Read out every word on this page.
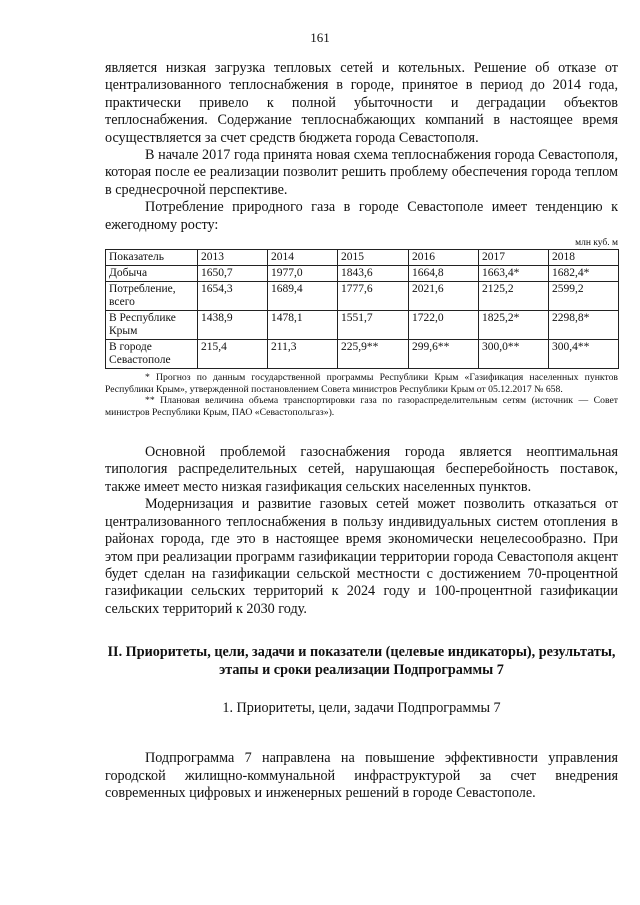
161

является низкая загрузка тепловых сетей и котельных. Решение об отказе от централизованного теплоснабжения в городе, принятое в период до 2014 года, практически привело к полной убыточности и деградации объектов теплоснабжения. Содержание теплоснабжающих компаний в настоящее время осуществляется за счет средств бюджета города Севастополя.

В начале 2017 года принята новая схема теплоснабжения города Севастополя, которая после ее реализации позволит решить проблему обеспечения города теплом в среднесрочной перспективе.

Потребление природного газа в городе Севастополе имеет тенденцию к ежегодному росту:

млн куб. м
Показатель	2013	2014	2015	2016	2017	2018
Добыча	1650,7	1977,0	1843,6	1664,8	1663,4*	1682,4*
Потребление, всего	1654,3	1689,4	1777,6	2021,6	2125,2	2599,2
В Республике Крым	1438,9	1478,1	1551,7	1722,0	1825,2*	2298,8*
В городе Севастополе	215,4	211,3	225,9**	299,6**	300,0**	300,4**

* Прогноз по данным государственной программы Республики Крым «Газификация населенных пунктов Республики Крым», утвержденной постановлением Совета министров Республики Крым от 05.12.2017 № 658.

** Плановая величина объема транспортировки газа по газораспределительным сетям (источник — Совет министров Республики Крым, ПАО «Севастопольгаз»).

Основной проблемой газоснабжения города является неоптимальная типология распределительных сетей, нарушающая бесперебойность поставок, также имеет место низкая газификация сельских населенных пунктов.

Модернизация и развитие газовых сетей может позволить отказаться от централизованного теплоснабжения в пользу индивидуальных систем отопления в районах города, где это в настоящее время экономически нецелесообразно. При этом при реализации программ газификации территории города Севастополя акцент будет сделан на газификации сельской местности с достижением 70-процентной газификации сельских территорий к 2024 году и 100-процентной газификации сельских территорий к 2030 году.

II. Приоритеты, цели, задачи и показатели (целевые индикаторы), результаты, этапы и сроки реализации Подпрограммы 7

1. Приоритеты, цели, задачи Подпрограммы 7

Подпрограмма 7 направлена на повышение эффективности управления городской жилищно-коммунальной инфраструктурой за счет внедрения современных цифровых и инженерных решений в городе Севастополе.
